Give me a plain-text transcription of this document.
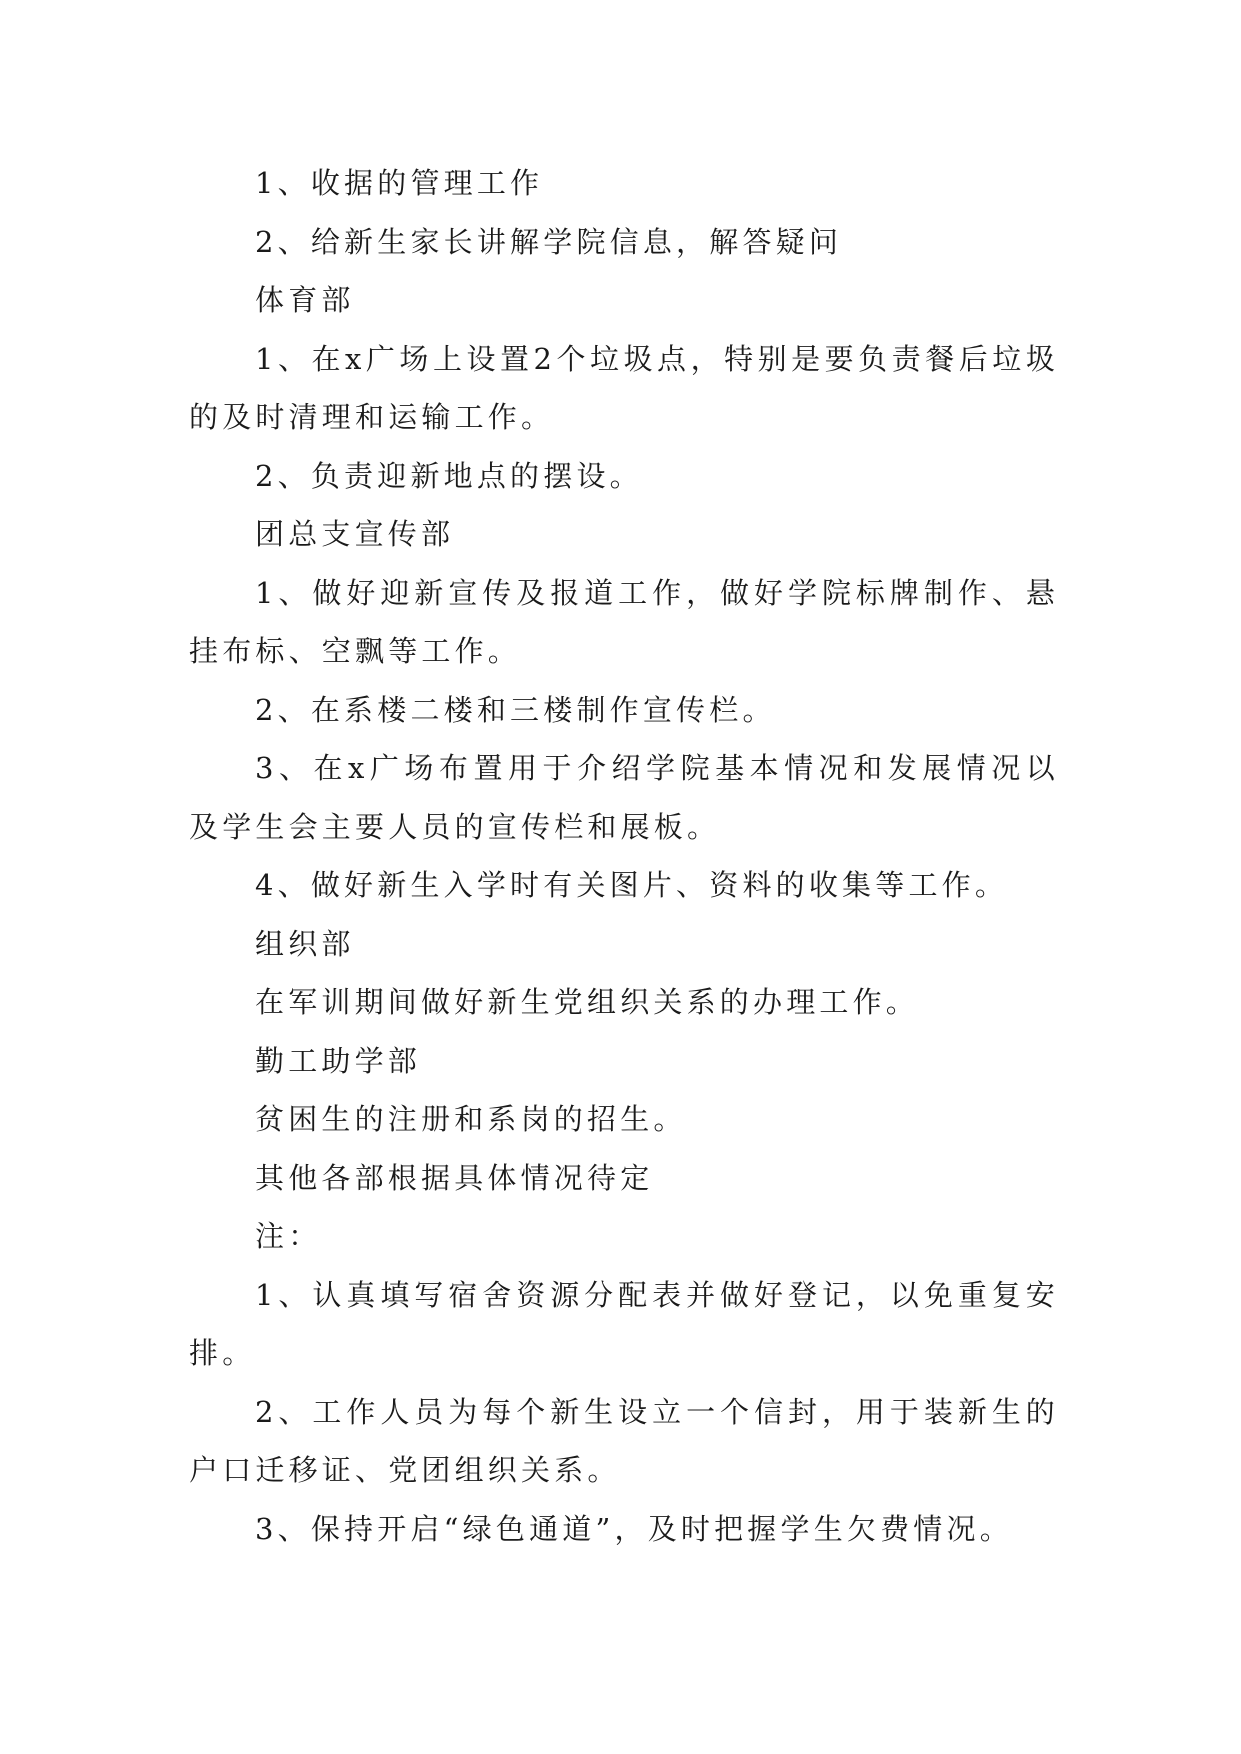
1、收据的管理工作

2、给新生家长讲解学院信息，解答疑问

体育部

1、在x广场上设置2个垃圾点，特别是要负责餐后垃圾的及时清理和运输工作。

2、负责迎新地点的摆设。

团总支宣传部

1、做好迎新宣传及报道工作，做好学院标牌制作、悬挂布标、空飘等工作。

2、在系楼二楼和三楼制作宣传栏。

3、在x广场布置用于介绍学院基本情况和发展情况以及学生会主要人员的宣传栏和展板。

4、做好新生入学时有关图片、资料的收集等工作。

组织部

在军训期间做好新生党组织关系的办理工作。

勤工助学部

贫困生的注册和系岗的招生。

其他各部根据具体情况待定

注：

1、认真填写宿舍资源分配表并做好登记，以免重复安排。

2、工作人员为每个新生设立一个信封，用于装新生的户口迁移证、党团组织关系。

3、保持开启“绿色通道”，及时把握学生欠费情况。
